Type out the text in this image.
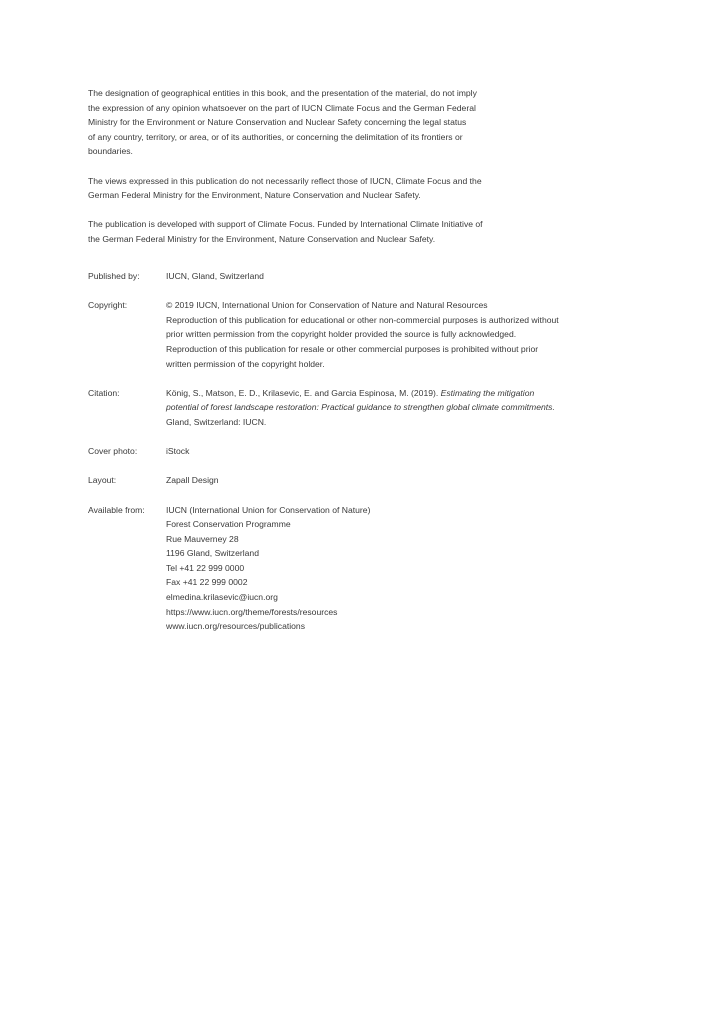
The designation of geographical entities in this book, and the presentation of the material, do not imply
the expression of any opinion whatsoever on the part of IUCN Climate Focus and the German Federal
Ministry for the Environment or Nature Conservation and Nuclear Safety concerning the legal status
of any country, territory, or area, or of its authorities, or concerning the delimitation of its frontiers or
boundaries.

The views expressed in this publication do not necessarily reflect those of IUCN, Climate Focus and the
German Federal Ministry for the Environment, Nature Conservation and Nuclear Safety.

The publication is developed with support of Climate Focus. Funded by International Climate Initiative of
the German Federal Ministry for the Environment, Nature Conservation and Nuclear Safety.

Published by:	IUCN, Gland, Switzerland
Copyright:	© 2019 IUCN, International Union for Conservation of Nature and Natural Resources
Reproduction of this publication for educational or other non-commercial purposes is authorized without
prior written permission from the copyright holder provided the source is fully acknowledged.
Reproduction of this publication for resale or other commercial purposes is prohibited without prior
written permission of the copyright holder.
Citation:	König, S., Matson, E. D., Krilasevic, E. and Garcia Espinosa, M. (2019). Estimating the mitigation
potential of forest landscape restoration: Practical guidance to strengthen global climate commitments.
Gland, Switzerland: IUCN.
Cover photo:	iStock
Layout:	Zapall Design
Available from:	IUCN (International Union for Conservation of Nature)
Forest Conservation Programme
Rue Mauverney 28
1196 Gland, Switzerland
Tel +41 22 999 0000
Fax +41 22 999 0002
elmedina.krilasevic@iucn.org
https://www.iucn.org/theme/forests/resources
www.iucn.org/resources/publications
